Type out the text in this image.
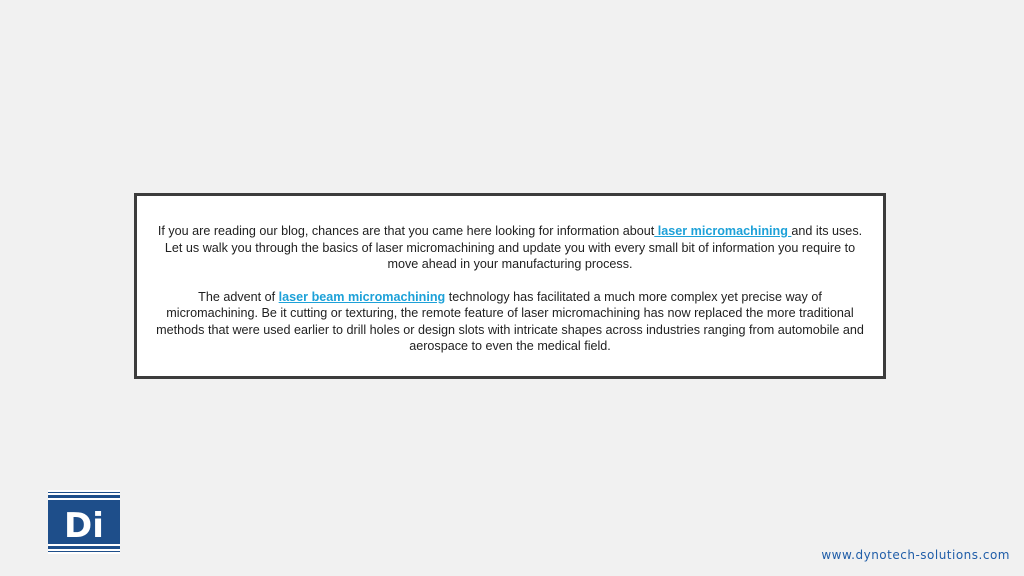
If you are reading our blog, chances are that you came here looking for information about laser micromachining and its uses. Let us walk you through the basics of laser micromachining and update you with every small bit of information you require to move ahead in your manufacturing process.

The advent of laser beam micromachining technology has facilitated a much more complex yet precise way of micromachining. Be it cutting or texturing, the remote feature of laser micromachining has now replaced the more traditional methods that were used earlier to drill holes or design slots with intricate shapes across industries ranging from automobile and aerospace to even the medical field.

Di
www.dynotech-solutions.com
